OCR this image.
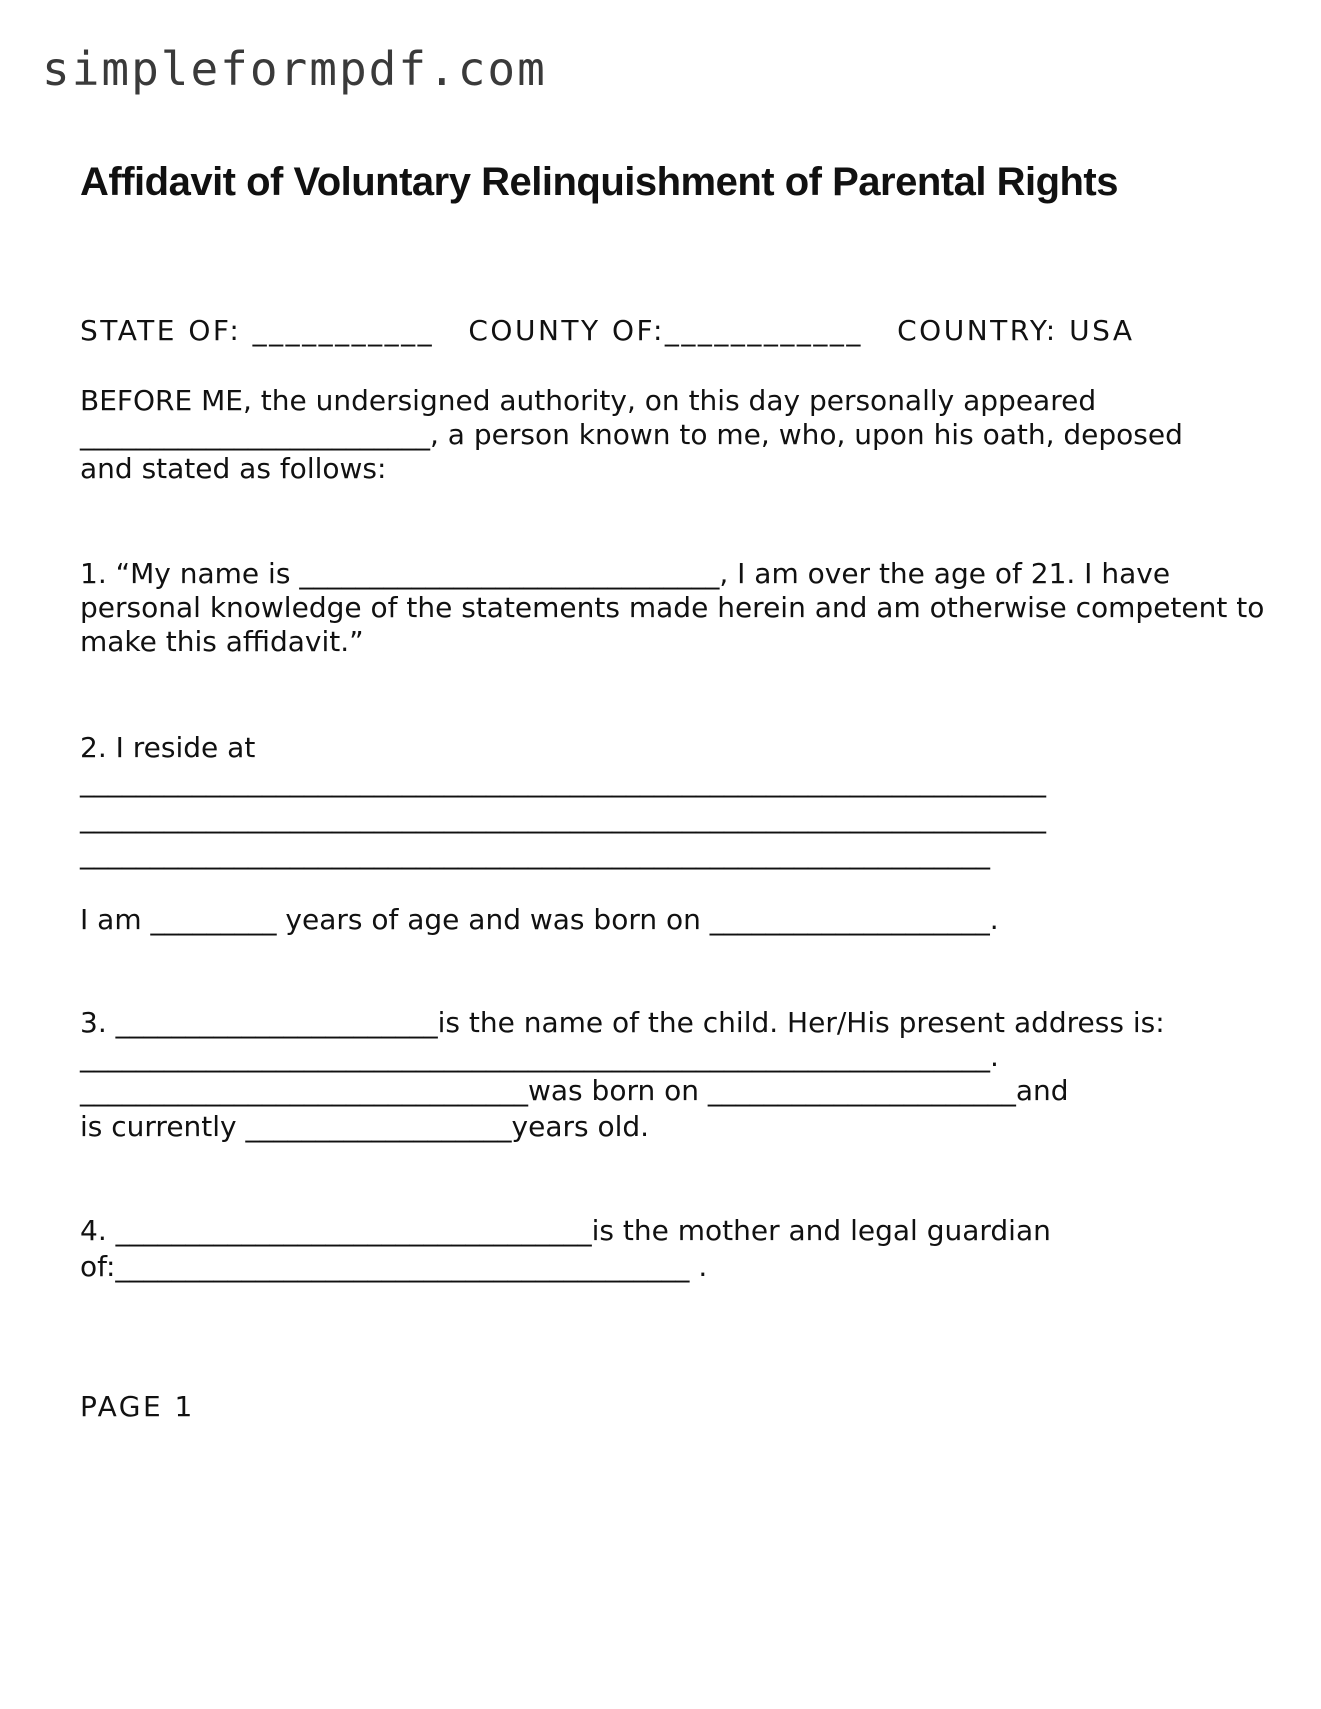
simpleformpdf.com
Affidavit of Voluntary Relinquishment of Parental Rights
STATE OF: ___________   COUNTY OF:____________   COUNTRY: USA
BEFORE ME, the undersigned authority, on this day personally appeared
_________________________, a person known to me, who, upon his oath, deposed
and stated as follows:
1. “My name is ______________________________, I am over the age of 21. I have
personal knowledge of the statements made herein and am otherwise competent to
make this affidavit.”
2. I reside at
_____________________________________________________________________
_____________________________________________________________________
_________________________________________________________________
I am _________ years of age and was born on ____________________.
3. _______________________is the name of the child. Her/His present address is:
_________________________________________________________________.
________________________________was born on ______________________and
is currently ___________________years old.
4. __________________________________is the mother and legal guardian
of:_________________________________________ .
PAGE 1
